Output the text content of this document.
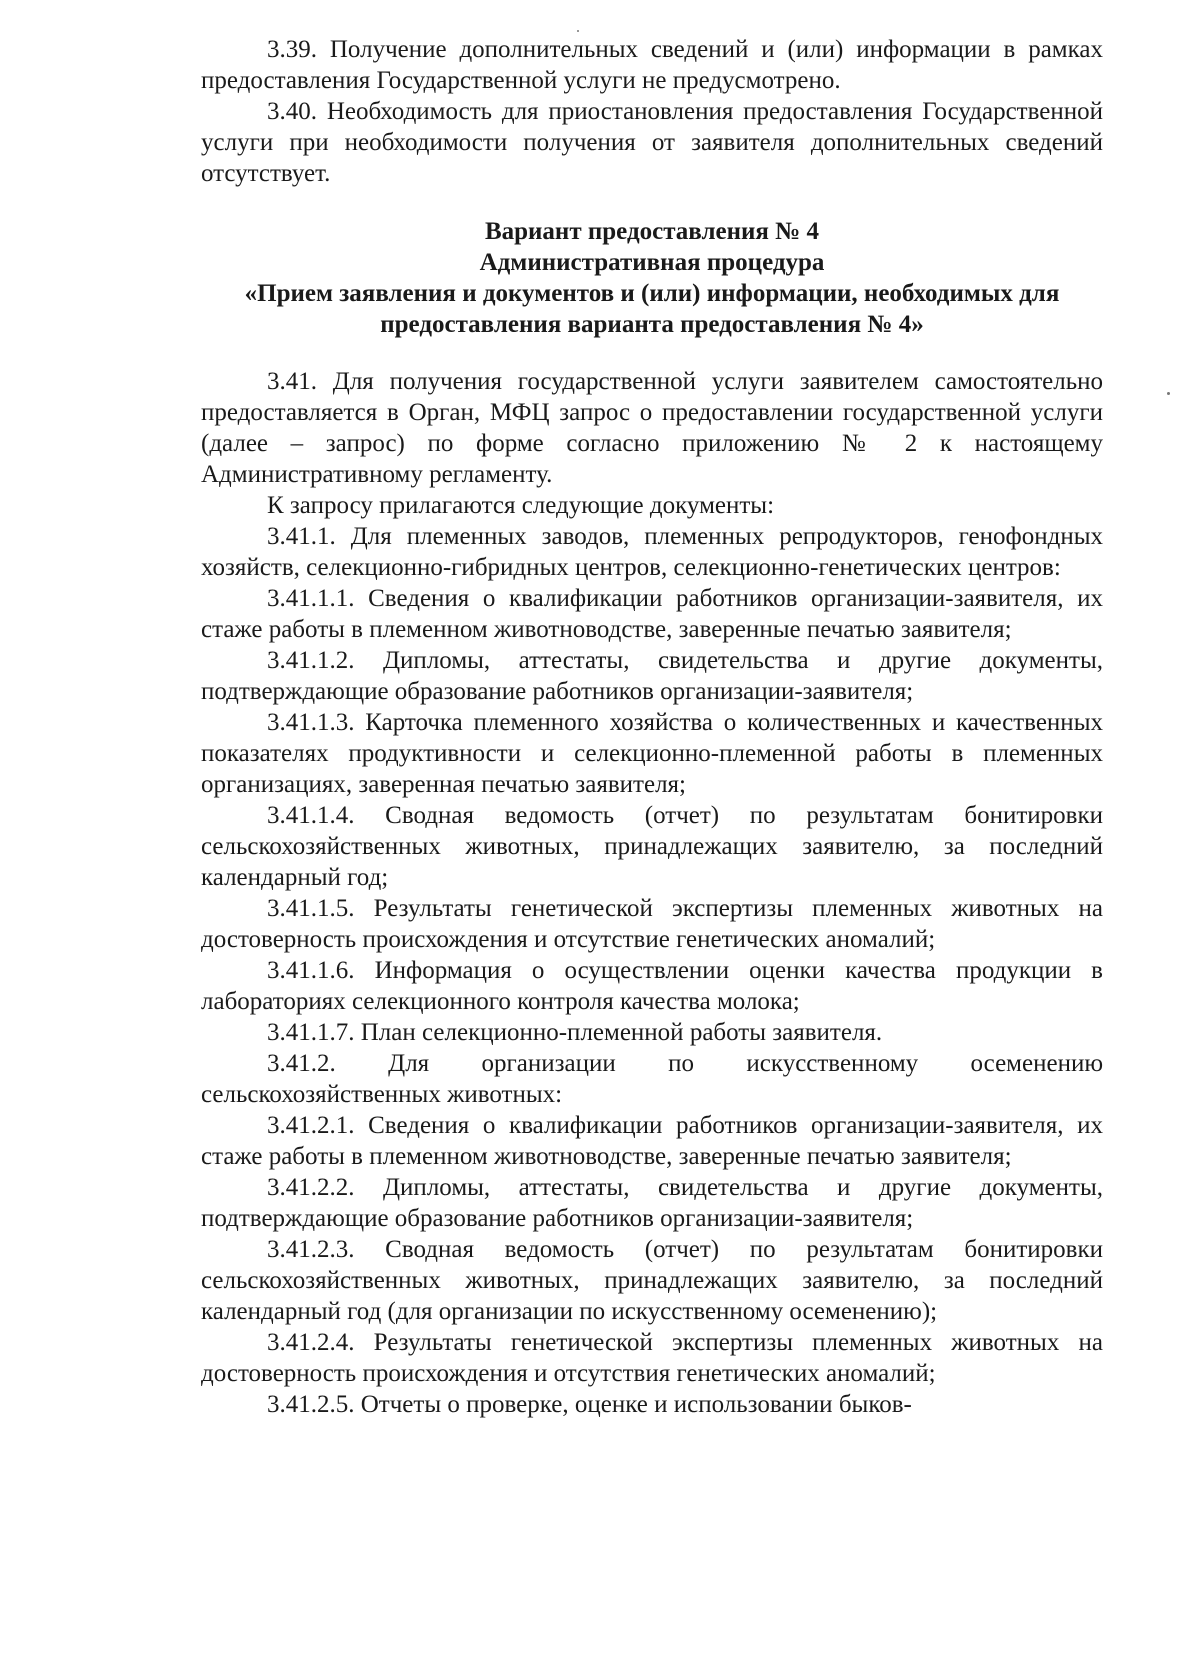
3.39. Получение дополнительных сведений и (или) информации в рамках предоставления Государственной услуги не предусмотрено.

3.40. Необходимость для приостановления предоставления Государственной услуги при необходимости получения от заявителя дополнительных сведений отсутствует.

Вариант предоставления № 4
Административная процедура
«Прием заявления и документов и (или) информации, необходимых для
предоставления варианта предоставления № 4»

3.41. Для получения государственной услуги заявителем самостоятельно предоставляется в Орган, МФЦ запрос о предоставлении государственной услуги (далее – запрос) по форме согласно приложению № 2 к настоящему Административному регламенту.

К запросу прилагаются следующие документы:

3.41.1. Для племенных заводов, племенных репродукторов, генофондных хозяйств, селекционно-гибридных центров, селекционно-генетических центров:

3.41.1.1. Сведения о квалификации работников организации-заявителя, их стаже работы в племенном животноводстве, заверенные печатью заявителя;

3.41.1.2. Дипломы, аттестаты, свидетельства и другие документы, подтверждающие образование работников организации-заявителя;

3.41.1.3. Карточка племенного хозяйства о количественных и качественных показателях продуктивности и селекционно-племенной работы в племенных организациях, заверенная печатью заявителя;

3.41.1.4. Сводная ведомость (отчет) по результатам бонитировки сельскохозяйственных животных, принадлежащих заявителю, за последний календарный год;

3.41.1.5. Результаты генетической экспертизы племенных животных на достоверность происхождения и отсутствие генетических аномалий;

3.41.1.6. Информация о осуществлении оценки качества продукции в лабораториях селекционного контроля качества молока;

3.41.1.7. План селекционно-племенной работы заявителя.

3.41.2. Для организации по искусственному осеменению сельскохозяйственных животных:

3.41.2.1. Сведения о квалификации работников организации-заявителя, их стаже работы в племенном животноводстве, заверенные печатью заявителя;

3.41.2.2. Дипломы, аттестаты, свидетельства и другие документы, подтверждающие образование работников организации-заявителя;

3.41.2.3. Сводная ведомость (отчет) по результатам бонитировки сельскохозяйственных животных, принадлежащих заявителю, за последний календарный год (для организации по искусственному осеменению);

3.41.2.4. Результаты генетической экспертизы племенных животных на достоверность происхождения и отсутствия генетических аномалий;

3.41.2.5. Отчеты о проверке, оценке и использовании быков-
